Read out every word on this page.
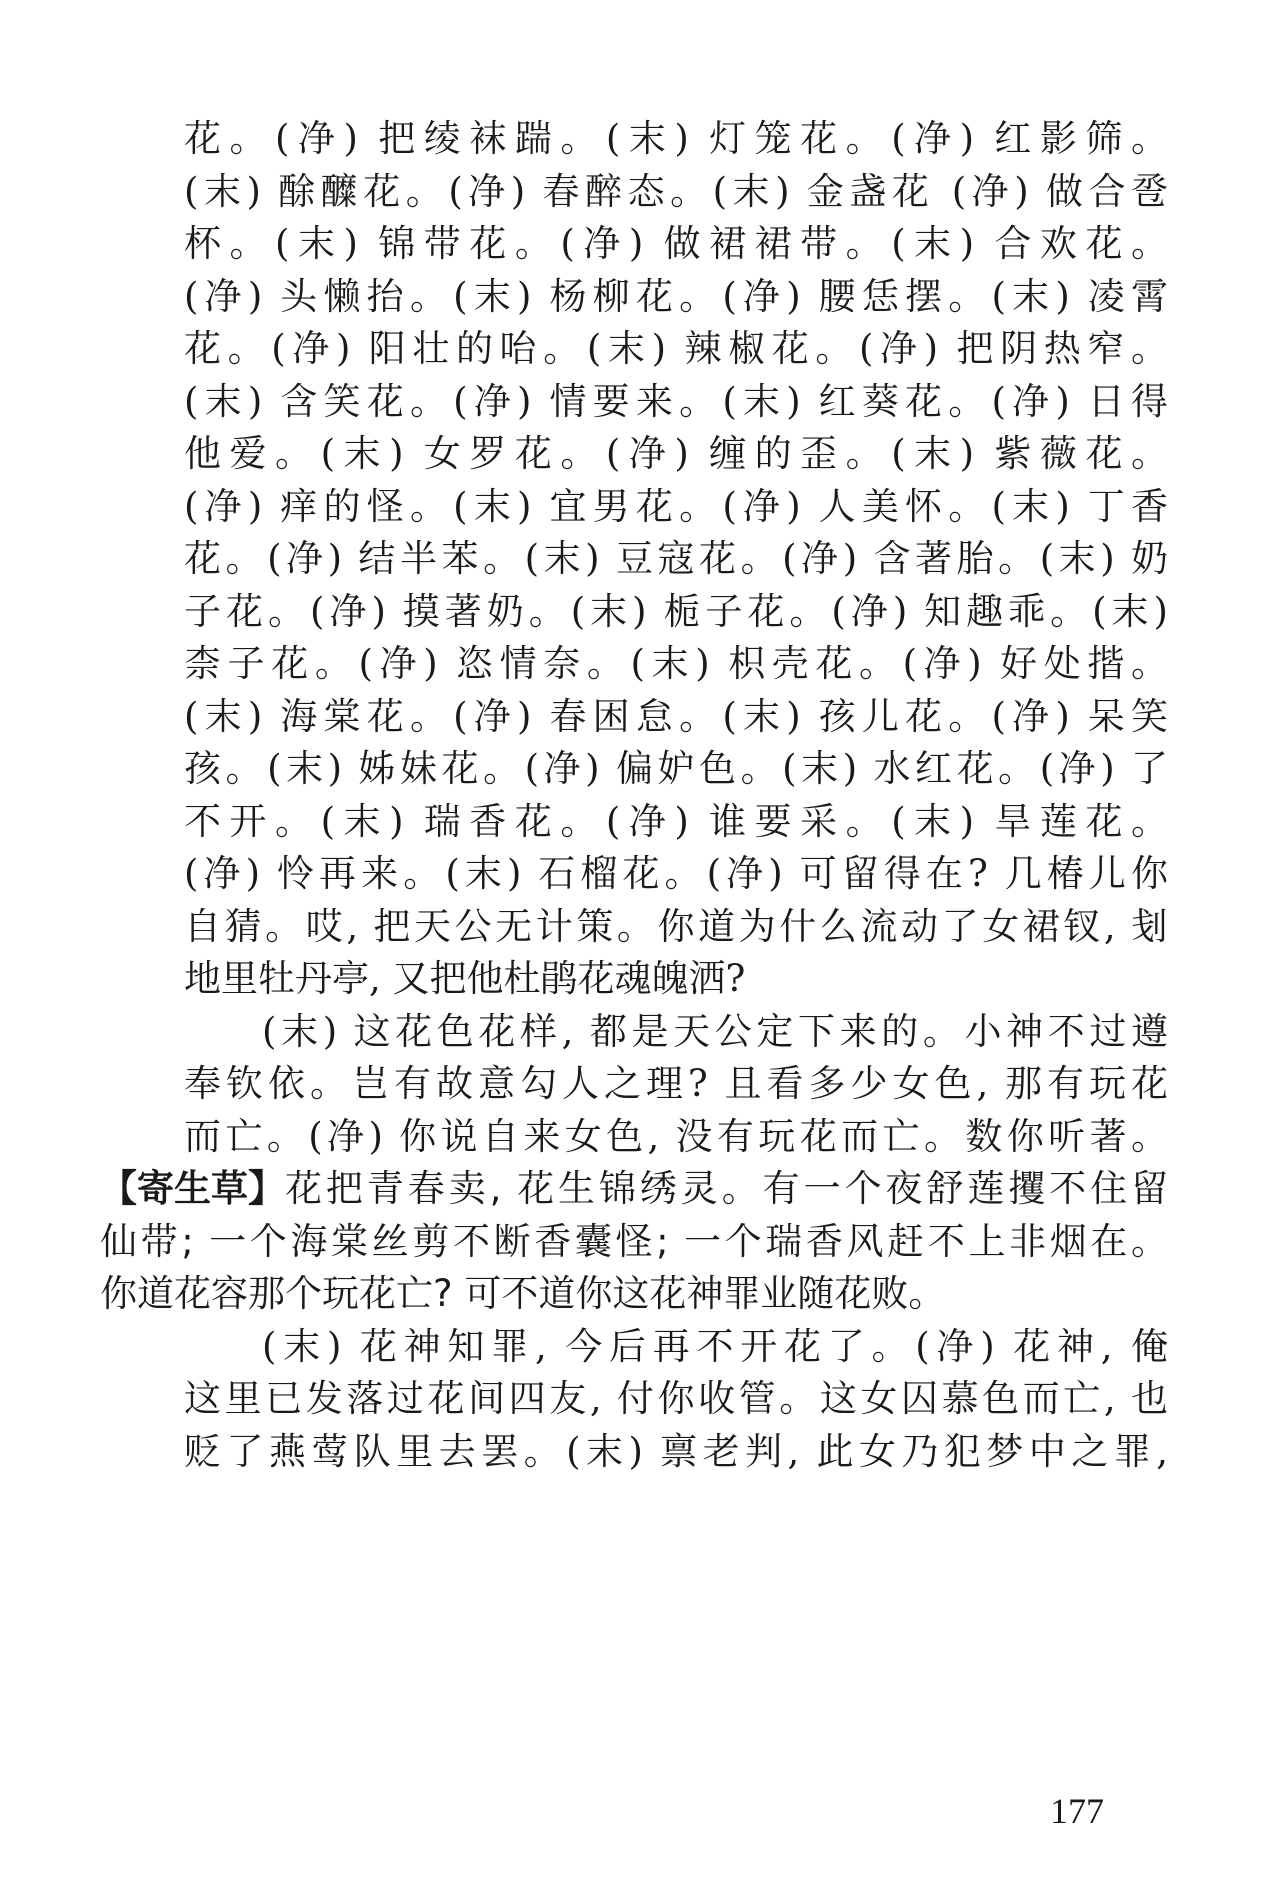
花。(净) 把绫袜踹。(末) 灯笼花。(净) 红影筛。
(末) 酴醾花。(净) 春醉态。(末) 金盏花 (净) 做合卺
杯。(末) 锦带花。(净) 做裙裙带。(末) 合欢花。
(净) 头懒抬。(末) 杨柳花。(净) 腰恁摆。(末) 凌霄
花。(净) 阳壮的咍。(末) 辣椒花。(净) 把阴热窄。
(末) 含笑花。(净) 情要来。(末) 红葵花。(净) 日得
他爱。(末) 女罗花。(净) 缠的歪。(末) 紫薇花。
(净) 痒的怪。(末) 宜男花。(净) 人美怀。(末) 丁香
花。(净) 结半苯。(末) 豆寇花。(净) 含著胎。(末) 奶
子花。(净) 摸著奶。(末) 栀子花。(净) 知趣乖。(末)
柰子花。(净) 恣情奈。(末) 枳壳花。(净) 好处揩。
(末) 海棠花。(净) 春困怠。(末) 孩儿花。(净) 呆笑
孩。(末) 姊妹花。(净) 偏妒色。(末) 水红花。(净) 了
不开。(末) 瑞香花。(净) 谁要采。(末) 旱莲花。
(净) 怜再来。(末) 石榴花。(净) 可留得在? 几椿儿你
自猜。哎, 把天公无计策。你道为什么流动了女裙钗, 刬
地里牡丹亭, 又把他杜鹃花魂魄洒?
(末) 这花色花样, 都是天公定下来的。小神不过遵
奉钦依。岂有故意勾人之理? 且看多少女色, 那有玩花
而亡。(净) 你说自来女色, 没有玩花而亡。数你听著。
【寄生草】 花把青春卖, 花生锦绣灵。有一个夜舒莲攫不住留
仙带; 一个海棠丝剪不断香囊怪; 一个瑞香风赶不上非烟在。
你道花容那个玩花亡? 可不道你这花神罪业随花败。
(末) 花神知罪, 今后再不开花了。(净) 花神, 俺
这里已发落过花间四友, 付你收管。这女囚慕色而亡, 也
贬了燕莺队里去罢。(末) 禀老判, 此女乃犯梦中之罪,
177
